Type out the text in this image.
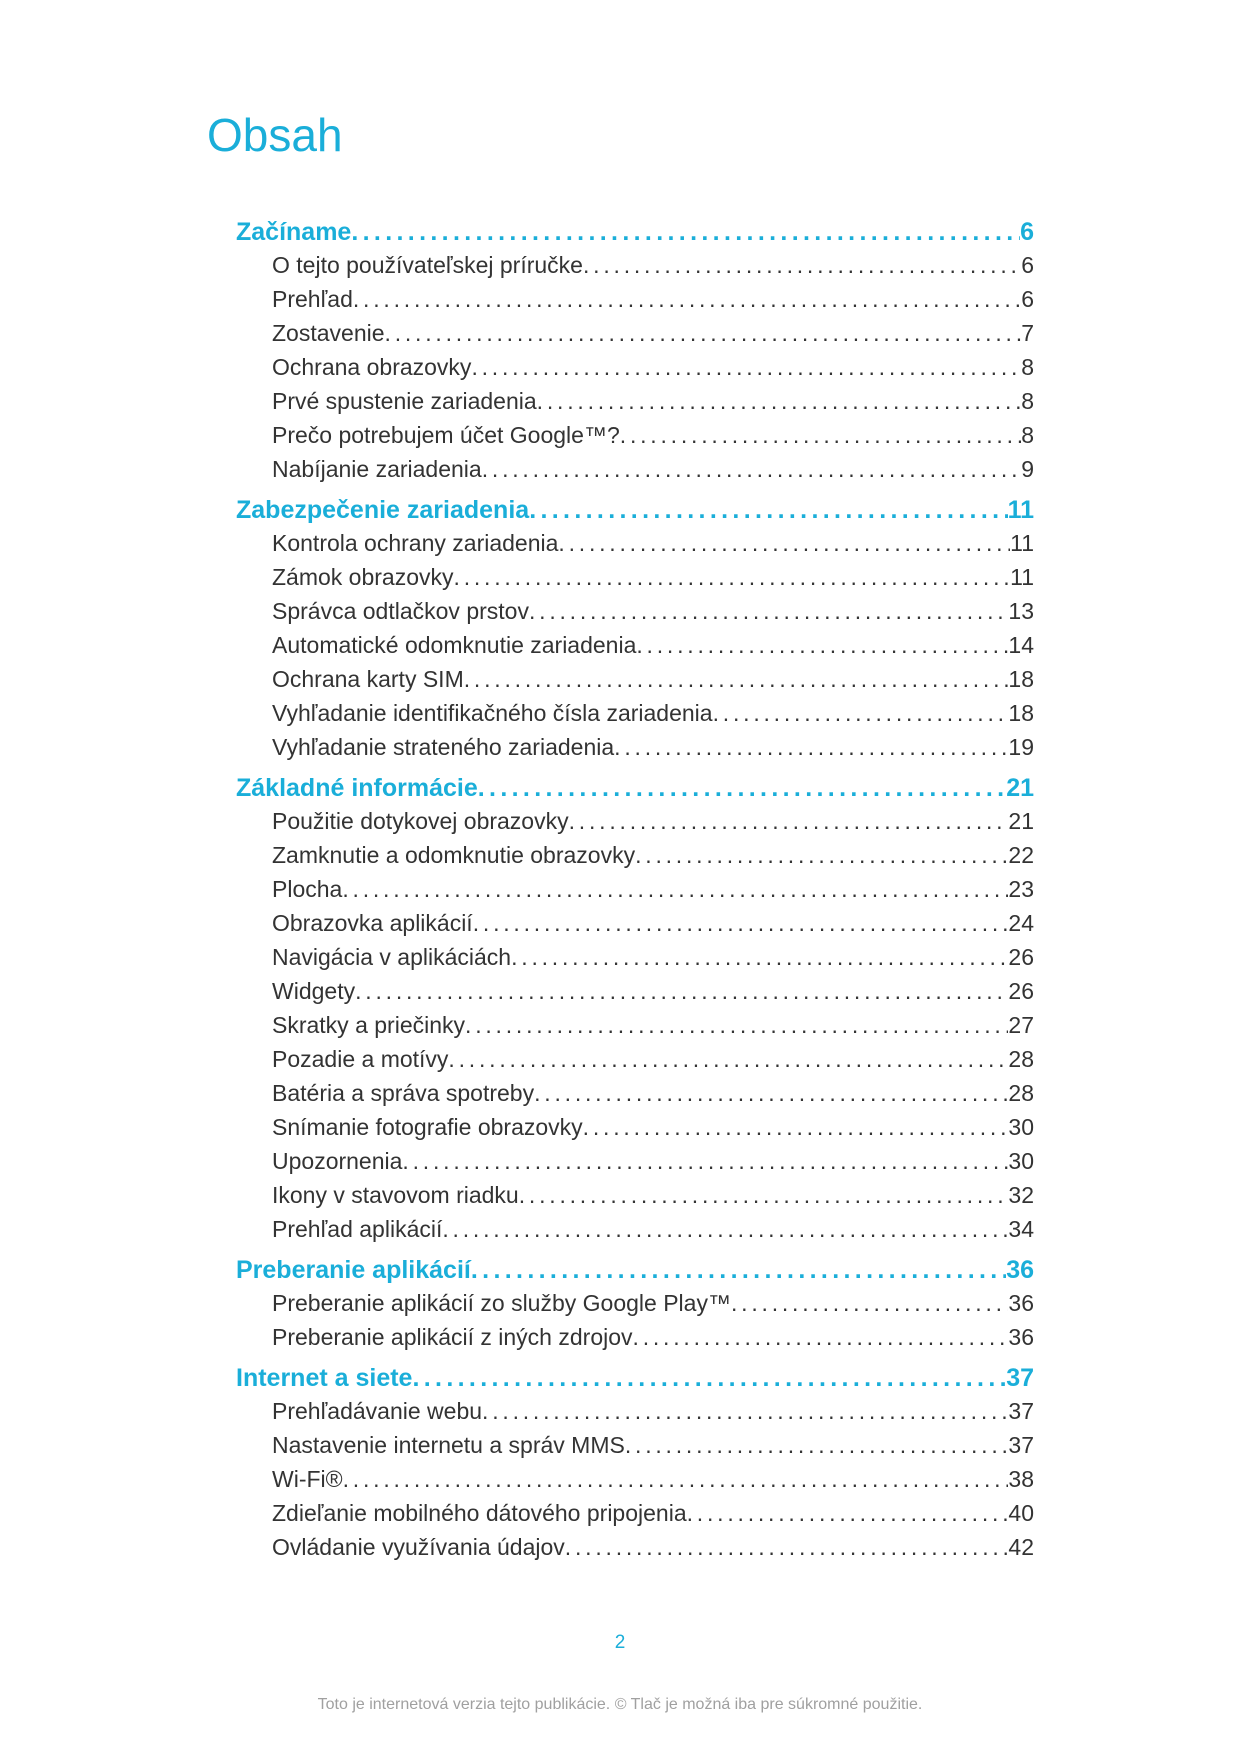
Obsah
Začíname . . .	6
O tejto používateľskej príručke . . .	6
Prehľad . . .	6
Zostavenie . . .	7
Ochrana obrazovky . . .	8
Prvé spustenie zariadenia . . .	8
Prečo potrebujem účet Google™? . . .	8
Nabíjanie zariadenia . . .	9
Zabezpečenie zariadenia . . .	11
Kontrola ochrany zariadenia . . .	11
Zámok obrazovky . . .	11
Správca odtlačkov prstov . . .	13
Automatické odomknutie zariadenia . . .	14
Ochrana karty SIM . . .	18
Vyhľadanie identifikačného čísla zariadenia . . .	18
Vyhľadanie strateného zariadenia . . .	19
Základné informácie . . .	21
Použitie dotykovej obrazovky . . .	21
Zamknutie a odomknutie obrazovky . . .	22
Plocha . . .	23
Obrazovka aplikácií . . .	24
Navigácia v aplikáciách . . .	26
Widgety . . .	26
Skratky a priečinky . . .	27
Pozadie a motívy . . .	28
Batéria a správa spotreby . . .	28
Snímanie fotografie obrazovky . . .	30
Upozornenia . . .	30
Ikony v stavovom riadku . . .	32
Prehľad aplikácií . . .	34
Preberanie aplikácií . . .	36
Preberanie aplikácií zo služby Google Play™ . . .	36
Preberanie aplikácií z iných zdrojov . . .	36
Internet a siete . . .	37
Prehľadávanie webu . . .	37
Nastavenie internetu a správ MMS . . .	37
Wi-Fi® . . .	38
Zdieľanie mobilného dátového pripojenia . . .	40
Ovládanie využívania údajov . . .	42
2
Toto je internetová verzia tejto publikácie. © Tlač je možná iba pre súkromné použitie.
